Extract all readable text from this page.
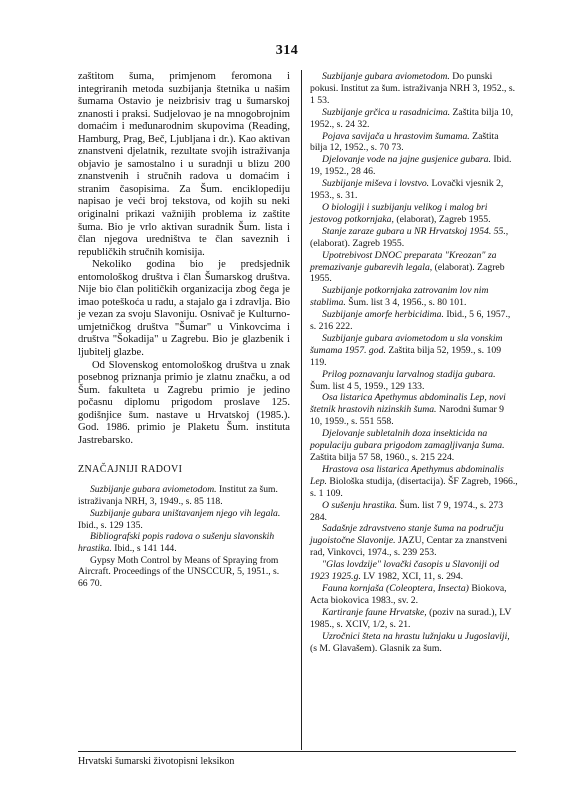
314

zaštitom šuma, primjenom feromona i integriranih metoda suzbijanja štetnika u našim šumama Ostavio je neizbrisiv trag u šumarskoj znanosti i praksi. Sudjelovao je na mnogobrojnim domaćim i međunarodnim skupovima (Reading, Hamburg, Prag, Beč, Ljubljana i dr.). Kao aktivan znanstveni djelatnik, rezultate svojih istraživanja objavio je samostalno i u suradnji u blizu 200 znanstvenih i stručnih radova u domaćim i stranim časopisima. Za Šum. enciklopediju napisao je veći broj tekstova, od kojih su neki originalni prikazi važnijih problema iz zaštite šuma. Bio je vrlo aktivan suradnik Šum. lista i član njegova uredništva te član saveznih i republičkih stručnih komisija.

Nekoliko godina bio je predsjednik entomološkog društva i član Šumarskog društva. Nije bio član političkih organizacija zbog čega je imao poteškoća u radu, a stajalo ga i zdravlja. Bio je vezan za svoju Slavoniju. Osnivač je Kulturno-umjetničkog društva "Šumar" u Vinkovcima i društva "Šokadija" u Zagrebu. Bio je glazbenik i ljubitelj glazbe.

Od Slovenskog entomološkog društva u znak posebnog priznanja primio je zlatnu značku, a od Šum. fakulteta u Zagrebu primio je jedino počasnu diplomu prigodom proslave 125. godišnjice šum. nastave u Hrvatskoj (1985.). God. 1986. primio je Plaketu Šum. instituta Jastrebarsko.

ZNAČAJNIJI RADOVI

Suzbijanje gubara aviometodom. Institut za šum. istraživanja NRH, 3, 1949., s. 85 118.

Suzbijanje gubara uništavanjem njego vih legala. Ibid., s. 129 135.

Bibliografski popis radova o sušenju slavonskih hrastika. Ibid., s 141 144.

Gypsy Moth Control by Means of Spraying from Aircraft. Proceedings of the UNSCCUR, 5, 1951., s. 66 70.

Suzbijanje gubara aviometodom. Do punski pokusi. Institut za šum. istraživanja NRH 3, 1952., s. 1 53.

Suzbijanje grčica u rasadnicima. Zaštita bilja 10, 1952., s. 24 32.

Pojava savijača u hrastovim šumama. Zaštita bilja 12, 1952., s. 70 73.

Djelovanje vode na jajne gusjenice gubara. Ibid. 19, 1952., 28 46.

Suzbijanje miševa i lovstvo. Lovački vjesnik 2, 1953., s. 31.

O biologiji i suzbijanju velikog i malog bri jestovog potkornjaka, (elaborat), Zagreb 1955.

Stanje zaraze gubara u NR Hrvatskoj 1954. 55., (elaborat). Zagreb 1955.

Upotrebivost DNOC preparata "Kreozan" za premazivanje gubarevih legala, (elaborat). Zagreb 1955.

Suzbijanje potkornjaka zatrovanim lov nim stablima. Šum. list 3 4, 1956., s. 80 101.

Suzbijanje amorfe herbicidima. Ibid., 5 6, 1957., s. 216 222.

Suzbijanje gubara aviometodom u sla vonskim šumama 1957. god. Zaštita bilja 52, 1959., s. 109 119.

Prilog poznavanju larvalnog stadija gubara. Šum. list 4 5, 1959., 129 133.

Osa listarica Apethymus abdominalis Lep, novi štetnik hrastovih nizinskih šuma. Narodni šumar 9 10, 1959., s. 551 558.

Djelovanje subletalnih doza insekticida na populaciju gubara prigodom zamagljivanja šuma. Zaštita bilja 57 58, 1960., s. 215 224.

Hrastova osa listarica Apethymus abdominalis Lep. Biološka studija, (disertacija). ŠF Zagreb, 1966., s. 1 109.

O sušenju hrastika. Šum. list 7 9, 1974., s. 273 284.

Sadašnje zdravstveno stanje šuma na području jugoistočne Slavonije. JAZU, Centar za znanstveni rad, Vinkovci, 1974., s. 239 253.

"Glas lovdzije" lovački časopis u Slavoniji od 1923 1925.g. LV 1982, XCI, 11, s. 294.

Fauna kornjaša (Coleoptera, Insecta) Biokova, Acta biokovica 1983., sv. 2.

Kartiranje faune Hrvatske, (poziv na surad.), LV 1985., s. XCIV, 1/2, s. 21.

Uzročnici šteta na hrastu lužnjaku u Jugoslaviji, (s M. Glavašem). Glasnik za šum.

Hrvatski šumarski životopisni leksikon
